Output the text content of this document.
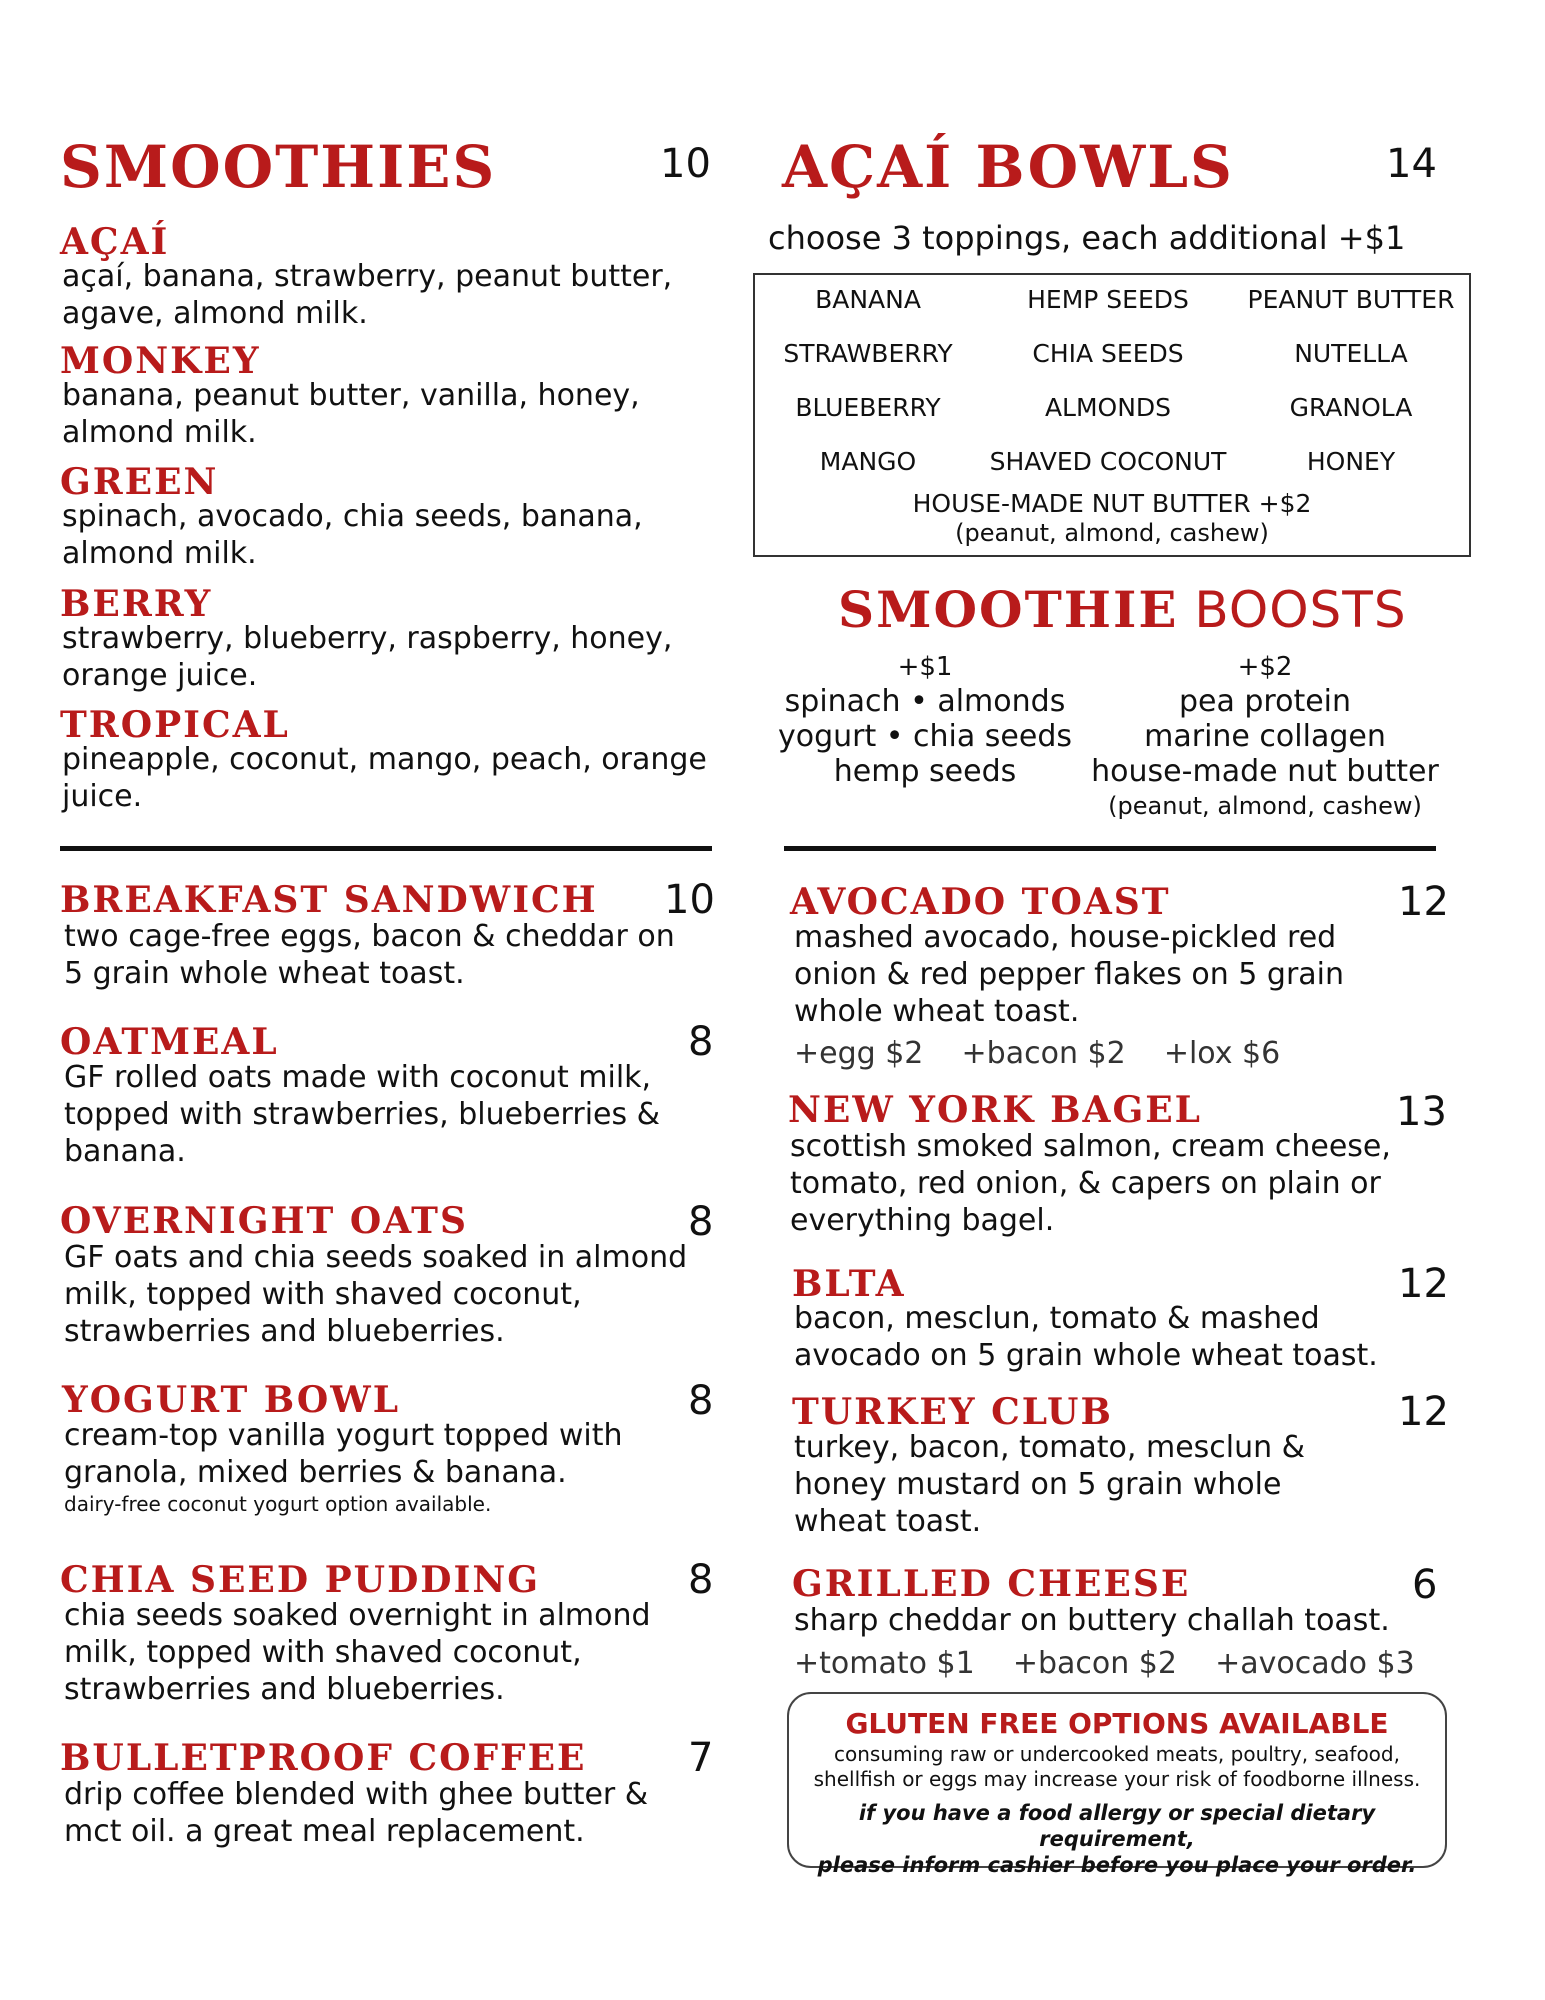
SMOOTHIES	10
AÇAÍ
açaí, banana, strawberry, peanut butter, agave, almond milk.
MONKEY
banana, peanut butter, vanilla, honey, almond milk.
GREEN
spinach, avocado, chia seeds, banana, almond milk.
BERRY
strawberry, blueberry, raspberry, honey, orange juice.
TROPICAL
pineapple, coconut, mango, peach, orange juice.
AÇAÍ BOWLS	14
choose 3 toppings, each additional +$1
BANANA	HEMP SEEDS	PEANUT BUTTER
STRAWBERRY	CHIA SEEDS	NUTELLA
BLUEBERRY	ALMONDS	GRANOLA
MANGO	SHAVED COCONUT	HONEY
HOUSE-MADE NUT BUTTER +$2
(peanut, almond, cashew)
SMOOTHIE BOOSTS
+$1
spinach • almonds
yogurt • chia seeds
hemp seeds
+$2
pea protein
marine collagen
house-made nut butter
(peanut, almond, cashew)
BREAKFAST SANDWICH 10
two cage-free eggs, bacon & cheddar on 5 grain whole wheat toast.
OATMEAL	8
GF rolled oats made with coconut milk, topped with strawberries, blueberries & banana.
OVERNIGHT OATS	8
GF oats and chia seeds soaked in almond milk, topped with shaved coconut, strawberries and blueberries.
YOGURT BOWL	8
cream-top vanilla yogurt topped with granola, mixed berries & banana.
dairy-free coconut yogurt option available.
CHIA SEED PUDDING	8
chia seeds soaked overnight in almond milk, topped with shaved coconut, strawberries and blueberries.
BULLETPROOF COFFEE	7
drip coffee blended with ghee butter & mct oil. a great meal replacement.
AVOCADO TOAST	12
mashed avocado, house-pickled red onion & red pepper flakes on 5 grain whole wheat toast.
+egg $2    +bacon $2    +lox $6
NEW YORK BAGEL	13
scottish smoked salmon, cream cheese, tomato, red onion, & capers on plain or everything bagel.
BLTA	12
bacon, mesclun, tomato & mashed avocado on 5 grain whole wheat toast.
TURKEY CLUB	12
turkey, bacon, tomato, mesclun & honey mustard on 5 grain whole wheat toast.
GRILLED CHEESE	6
sharp cheddar on buttery challah toast.
+tomato $1    +bacon $2    +avocado $3
GLUTEN FREE OPTIONS AVAILABLE
consuming raw or undercooked meats, poultry, seafood,
shellfish or eggs may increase your risk of foodborne illness.
if you have a food allergy or special dietary requirement,
please inform cashier before you place your order.
